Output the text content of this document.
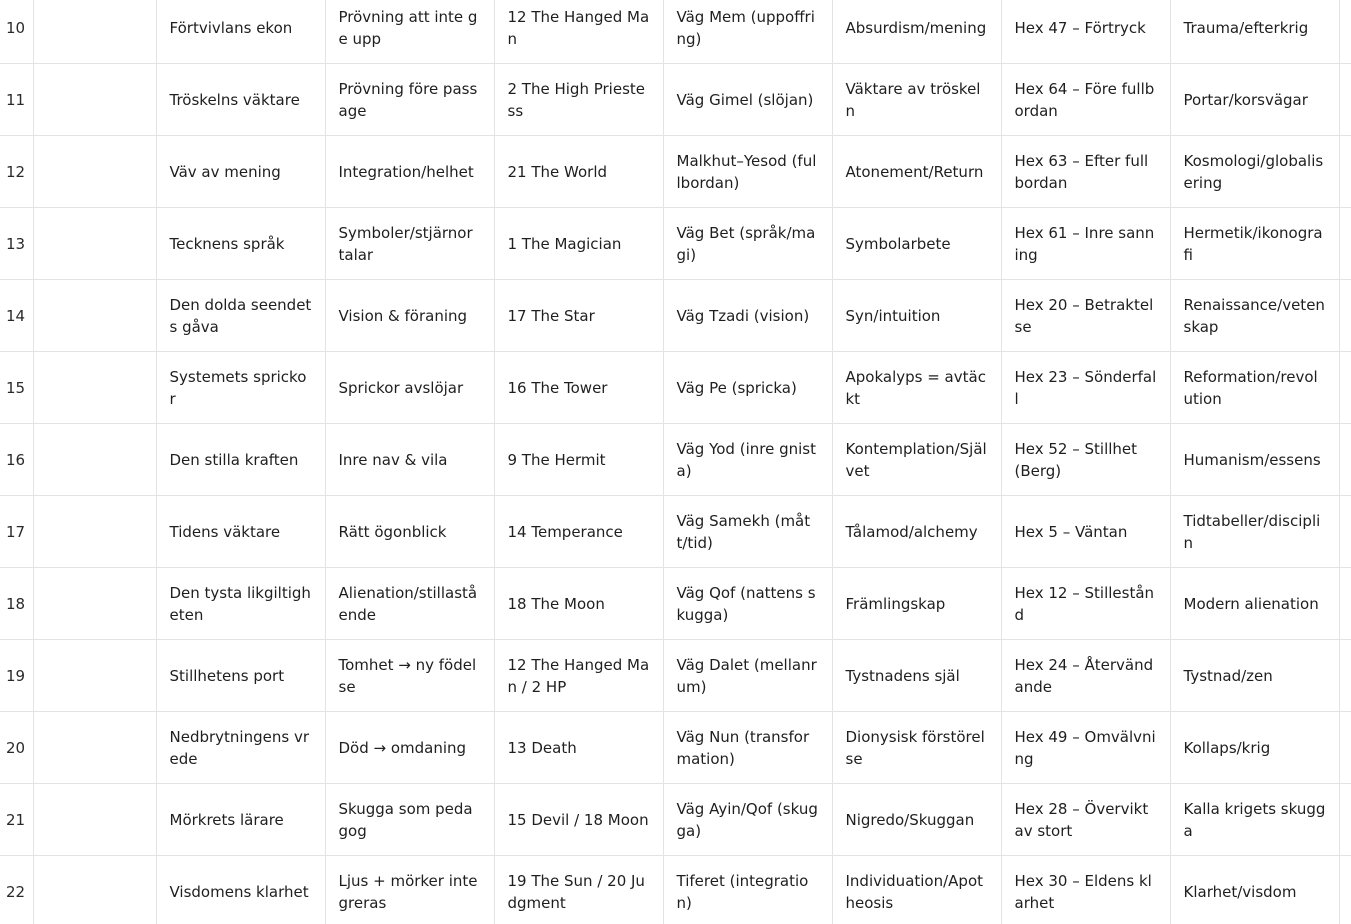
10		Förtvivlans ekon	Prövning att inte ge upp	12 The Hanged Man	Väg Mem (uppoffring)	Absurdism/mening	Hex 47 – Förtryck	Trauma/efterkrig	
11		Tröskelns väktare	Prövning före passage	2 The High Priestess	Väg Gimel (slöjan)	Väktare av tröskeln	Hex 64 – Före fullbordan	Portar/korsvägar	
12		Väv av mening	Integration/helhet	21 The World	Malkhut–Yesod (fullbordan)	Atonement/Return	Hex 63 – Efter fullbordan	Kosmologi/globalisering	
13		Tecknens språk	Symboler/stjärnor talar	1 The Magician	Väg Bet (språk/magi)	Symbolarbete	Hex 61 – Inre sanning	Hermetik/ikonografi	
14		Den dolda seendets gåva	Vision & föraning	17 The Star	Väg Tzadi (vision)	Syn/intuition	Hex 20 – Betraktelse	Renaissance/vetenskap	
15		Systemets sprickor	Sprickor avslöjar	16 The Tower	Väg Pe (spricka)	Apokalyps = avtäckt	Hex 23 – Sönderfall	Reformation/revolution	
16		Den stilla kraften	Inre nav & vila	9 The Hermit	Väg Yod (inre gnista)	Kontemplation/Självet	Hex 52 – Stillhet (Berg)	Humanism/essens	
17		Tidens väktare	Rätt ögonblick	14 Temperance	Väg Samekh (mått/tid)	Tålamod/alchemy	Hex 5 – Väntan	Tidtabeller/disciplin	
18		Den tysta likgiltigheten	Alienation/stillastående	18 The Moon	Väg Qof (nattens skugga)	Främlingskap	Hex 12 – Stillestånd	Modern alienation	
19		Stillhetens port	Tomhet → ny födelse	12 The Hanged Man / 2 HP	Väg Dalet (mellanrum)	Tystnadens själ	Hex 24 – Återvändande	Tystnad/zen	
20		Nedbrytningens vrede	Död → omdaning	13 Death	Väg Nun (transformation)	Dionysisk förstörelse	Hex 49 – Omvälvning	Kollaps/krig	
21		Mörkrets lärare	Skugga som pedagog	15 Devil / 18 Moon	Väg Ayin/Qof (skugga)	Nigredo/Skuggan	Hex 28 – Övervikt av stort	Kalla krigets skugga	
22		Visdomens klarhet	Ljus + mörker integreras	19 The Sun / 20 Judgment	Tiferet (integration)	Individuation/Apotheosis	Hex 30 – Eldens klarhet	Klarhet/visdom	
